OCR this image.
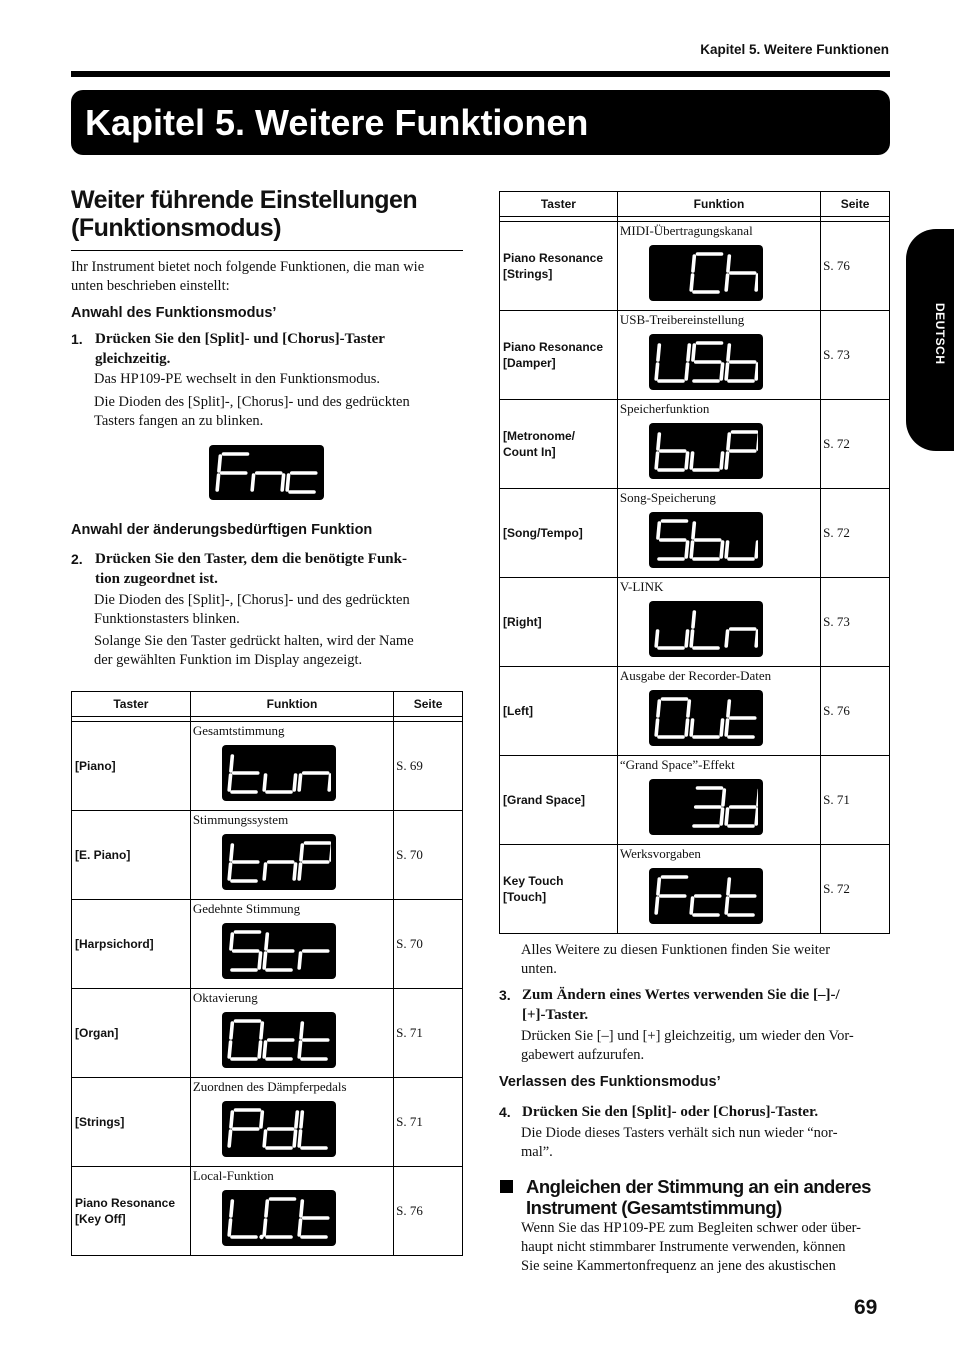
Kapitel 5. Weitere Funktionen
Kapitel 5. Weitere Funktionen
DEUTSCH
Weiter führende Einstellungen
(Funktionsmodus)
Ihr Instrument bietet noch folgende Funktionen, die man wie
unten beschrieben einstellt:
Anwahl des Funktionsmodus’
1. Drücken Sie den [Split]- und [Chorus]-Taster
gleichzeitig.
Das HP109-PE wechselt in den Funktionsmodus.
Die Dioden des [Split]-, [Chorus]- und des gedrückten
Tasters fangen an zu blinken.
Anwahl der änderungsbedürftigen Funktion
2. Drücken Sie den Taster, dem die benötigte Funk-
tion zugeordnet ist.
Die Dioden des [Split]-, [Chorus]- und des gedrückten
Funktionstasters blinken.
Solange Sie den Taster gedrückt halten, wird der Name
der gewählten Funktion im Display angezeigt.
Taster	Funktion	Seite

[Piano]	Gesamtstimmung	S. 69

[E. Piano]	Stimmungssystem	S. 70

[Harpsichord]	Gedehnte Stimmung	S. 70

[Organ]	Oktavierung	S. 71

[Strings]	Zuordnen des Dämpferpedals	S. 71

Piano Resonance
[Key Off]	Local-Funktion	S. 76
Taster	Funktion	Seite

Piano Resonance
[Strings]	MIDI-Übertragungskanal	S. 76

Piano Resonance
[Damper]	USB-Treibereinstellung	S. 73

[Metronome/
Count In]	Speicherfunktion	S. 72

[Song/Tempo]	Song-Speicherung	S. 72

[Right]	V-LINK	S. 73

[Left]	Ausgabe der Recorder-Daten	S. 76

[Grand Space]	“Grand Space”-Effekt	S. 71

Key Touch
[Touch]	Werksvorgaben	S. 72
Alles Weitere zu diesen Funktionen finden Sie weiter
unten.
3. Zum Ändern eines Wertes verwenden Sie die [–]-/
[+]-Taster.
Drücken Sie [–] und [+] gleichzeitig, um wieder den Vor-
gabewert aufzurufen.
Verlassen des Funktionsmodus’
4. Drücken Sie den [Split]- oder [Chorus]-Taster.
Die Diode dieses Tasters verhält sich nun wieder “nor-
mal”.
Angleichen der Stimmung an ein anderes
Instrument (Gesamtstimmung)
Wenn Sie das HP109-PE zum Begleiten schwer oder über-
haupt nicht stimmbarer Instrumente verwenden, können
Sie seine Kammertonfrequenz an jene des akustischen
69
